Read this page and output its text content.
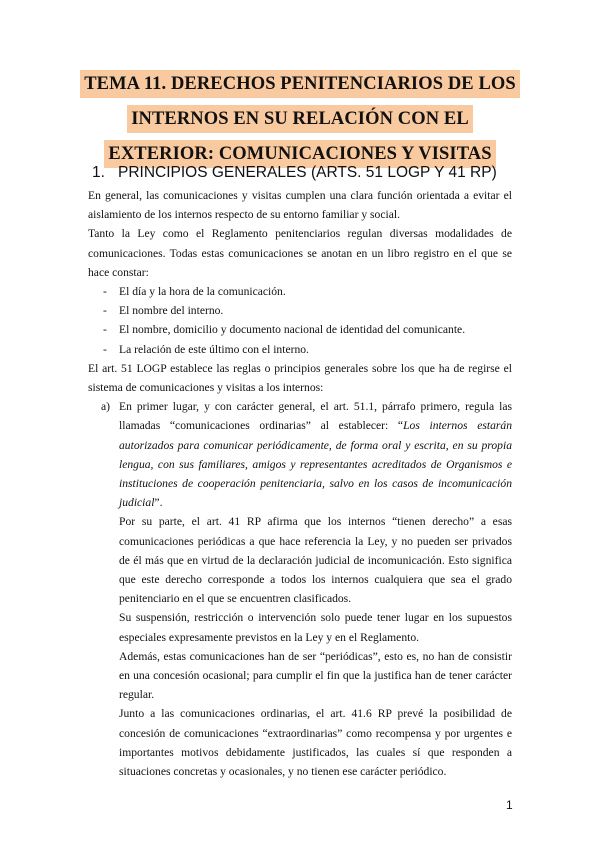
TEMA 11. DERECHOS PENITENCIARIOS DE LOS
INTERNOS EN SU RELACIÓN CON EL
EXTERIOR: COMUNICACIONES Y VISITAS
1. PRINCIPIOS GENERALES (ARTS. 51 LOGP Y 41 RP)

En general, las comunicaciones y visitas cumplen una clara función orientada a evitar el aislamiento de los internos respecto de su entorno familiar y social.

Tanto la Ley como el Reglamento penitenciarios regulan diversas modalidades de comunicaciones. Todas estas comunicaciones se anotan en un libro registro en el que se hace constar:

- El día y la hora de la comunicación.
- El nombre del interno.
- El nombre, domicilio y documento nacional de identidad del comunicante.
- La relación de este último con el interno.

El art. 51 LOGP establece las reglas o principios generales sobre los que ha de regirse el sistema de comunicaciones y visitas a los internos:

a) En primer lugar, y con carácter general, el art. 51.1, párrafo primero, regula las llamadas “comunicaciones ordinarias” al establecer: “Los internos estarán autorizados para comunicar periódicamente, de forma oral y escrita, en su propia lengua, con sus familiares, amigos y representantes acreditados de Organismos e instituciones de cooperación penitenciaria, salvo en los casos de incomunicación judicial”.

Por su parte, el art. 41 RP afirma que los internos “tienen derecho” a esas comunicaciones periódicas a que hace referencia la Ley, y no pueden ser privados de él más que en virtud de la declaración judicial de incomunicación. Esto significa que este derecho corresponde a todos los internos cualquiera que sea el grado penitenciario en el que se encuentren clasificados.

Su suspensión, restricción o intervención solo puede tener lugar en los supuestos especiales expresamente previstos en la Ley y en el Reglamento.

Además, estas comunicaciones han de ser “periódicas”, esto es, no han de consistir en una concesión ocasional; para cumplir el fin que la justifica han de tener carácter regular.

Junto a las comunicaciones ordinarias, el art. 41.6 RP prevé la posibilidad de concesión de comunicaciones “extraordinarias” como recompensa y por urgentes e importantes motivos debidamente justificados, las cuales sí que responden a situaciones concretas y ocasionales, y no tienen ese carácter periódico.

1
